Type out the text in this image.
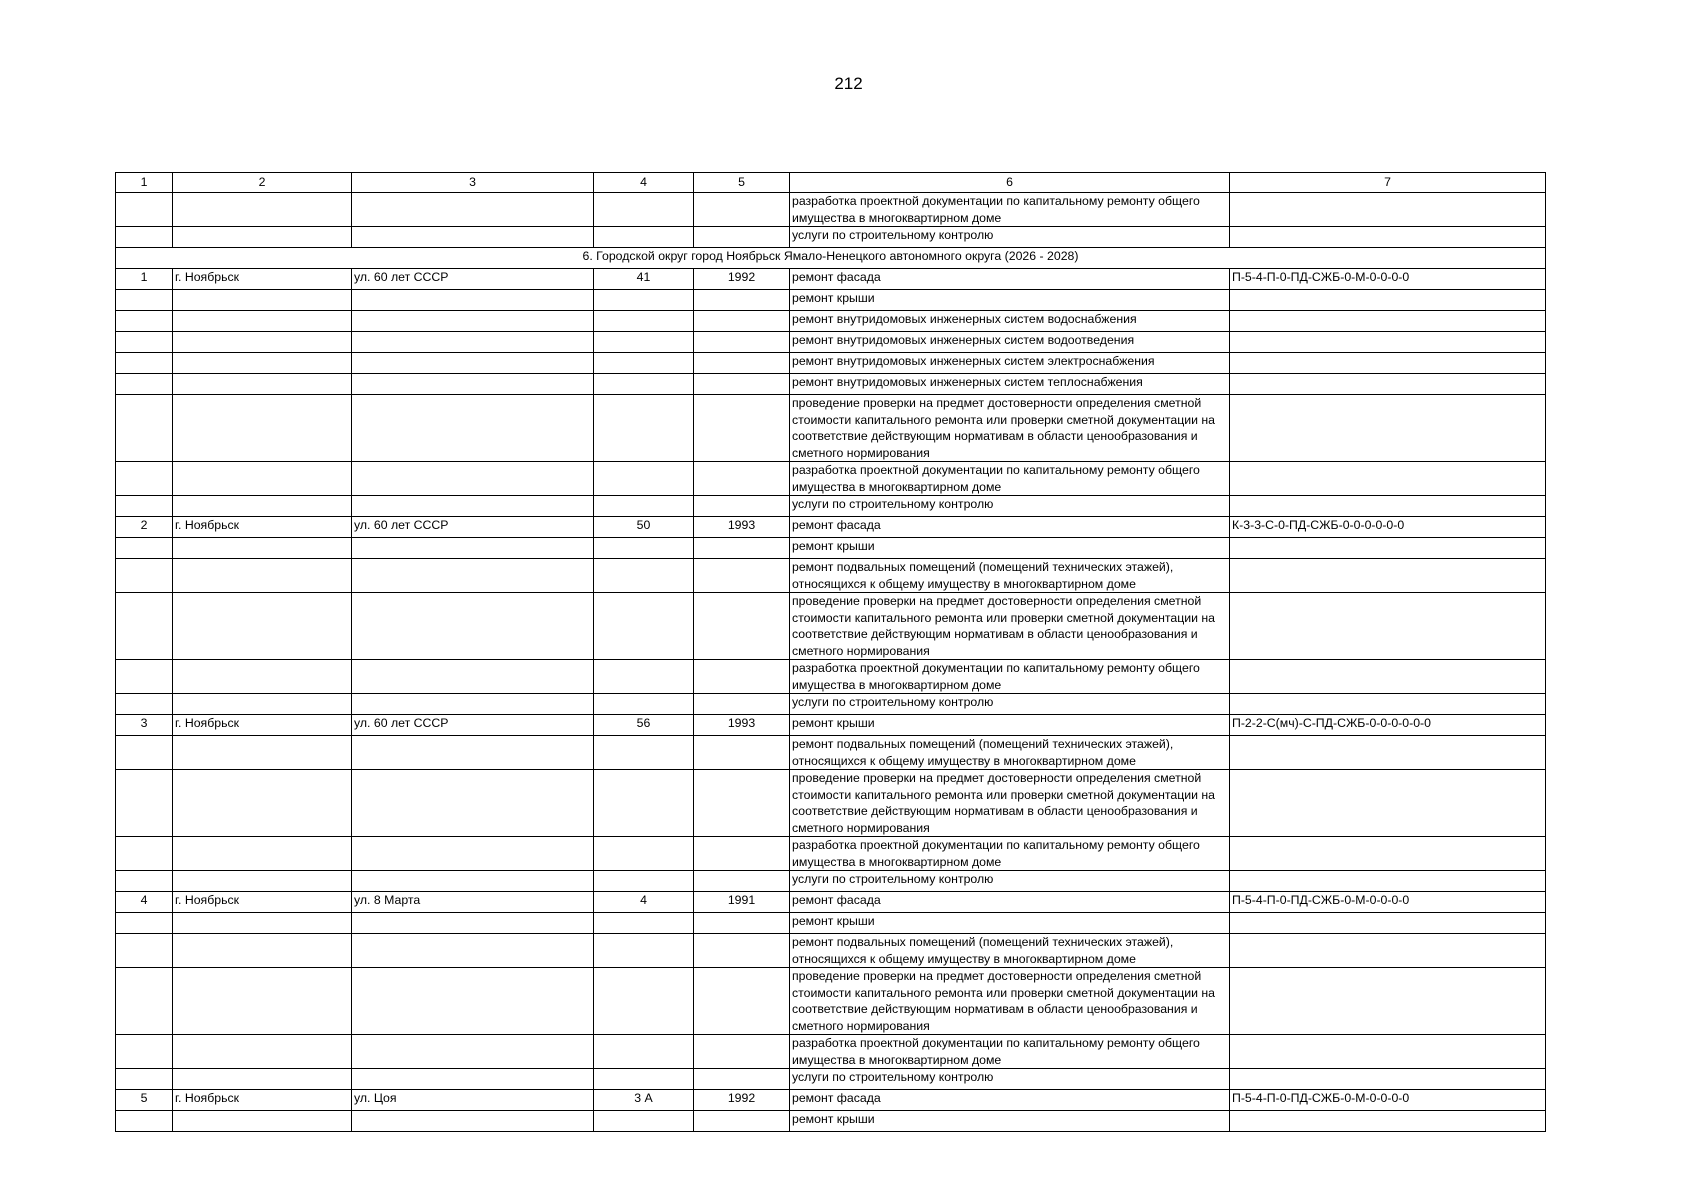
212
1	2	3	4	5	6	7
					разработка проектной документации по капитальному ремонту общего имущества в многоквартирном доме	
					услуги по строительному контролю	
6. Городской округ город Ноябрьск Ямало-Ненецкого автономного округа (2026 - 2028)						
1	г. Ноябрьск	ул. 60 лет СССР	41	1992	ремонт фасада	П-5-4-П-0-ПД-СЖБ-0-М-0-0-0-0
					ремонт крыши	
					ремонт внутридомовых инженерных систем водоснабжения	
					ремонт внутридомовых инженерных систем водоотведения	
					ремонт внутридомовых инженерных систем электроснабжения	
					ремонт внутридомовых инженерных систем теплоснабжения	
					проведение проверки на предмет достоверности определения сметной стоимости капитального ремонта или проверки сметной документации на соответствие действующим нормативам в области ценообразования и сметного нормирования	
					разработка проектной документации по капитальному ремонту общего имущества в многоквартирном доме	
					услуги по строительному контролю	
2	г. Ноябрьск	ул. 60 лет СССР	50	1993	ремонт фасада	К-3-3-С-0-ПД-СЖБ-0-0-0-0-0-0
					ремонт крыши	
					ремонт подвальных помещений (помещений технических этажей), относящихся к общему имуществу в многоквартирном доме	
					проведение проверки на предмет достоверности определения сметной стоимости капитального ремонта или проверки сметной документации на соответствие действующим нормативам в области ценообразования и сметного нормирования	
					разработка проектной документации по капитальному ремонту общего имущества в многоквартирном доме	
					услуги по строительному контролю	
3	г. Ноябрьск	ул. 60 лет СССР	56	1993	ремонт крыши	П-2-2-С(мч)-С-ПД-СЖБ-0-0-0-0-0-0
					ремонт подвальных помещений (помещений технических этажей), относящихся к общему имуществу в многоквартирном доме	
					проведение проверки на предмет достоверности определения сметной стоимости капитального ремонта или проверки сметной документации на соответствие действующим нормативам в области ценообразования и сметного нормирования	
					разработка проектной документации по капитальному ремонту общего имущества в многоквартирном доме	
					услуги по строительному контролю	
4	г. Ноябрьск	ул. 8 Марта	4	1991	ремонт фасада	П-5-4-П-0-ПД-СЖБ-0-М-0-0-0-0
					ремонт крыши	
					ремонт подвальных помещений (помещений технических этажей), относящихся к общему имуществу в многоквартирном доме	
					проведение проверки на предмет достоверности определения сметной стоимости капитального ремонта или проверки сметной документации на соответствие действующим нормативам в области ценообразования и сметного нормирования	
					разработка проектной документации по капитальному ремонту общего имущества в многоквартирном доме	
					услуги по строительному контролю	
5	г. Ноябрьск	ул. Цоя	3 А	1992	ремонт фасада	П-5-4-П-0-ПД-СЖБ-0-М-0-0-0-0
					ремонт крыши	
